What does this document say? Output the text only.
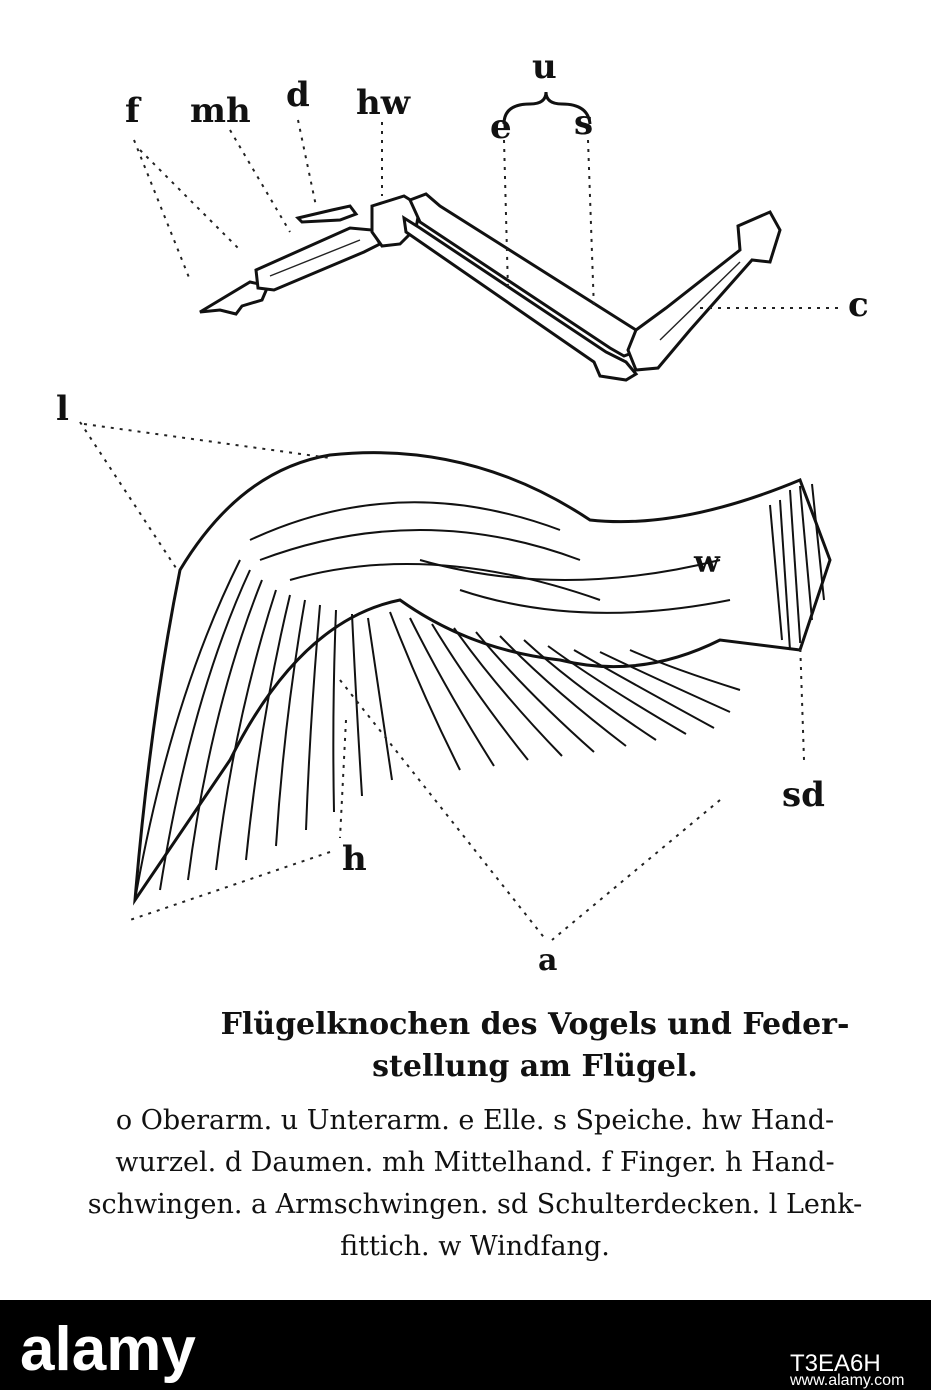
f mh d hw
u
e s
c
l
w
sd
h
a
Flügelknochen des Vogels und Feder-
stellung am Flügel.
o Oberarm. u Unterarm. e Elle. s Speiche. hw Hand-
wurzel. d Daumen. mh Mittelhand. f Finger. h Hand-
schwingen. a Armschwingen. sd Schulterdecken. l Lenk-
fittich. w Windfang.
alamy	T3EA6H
www.alamy.com
